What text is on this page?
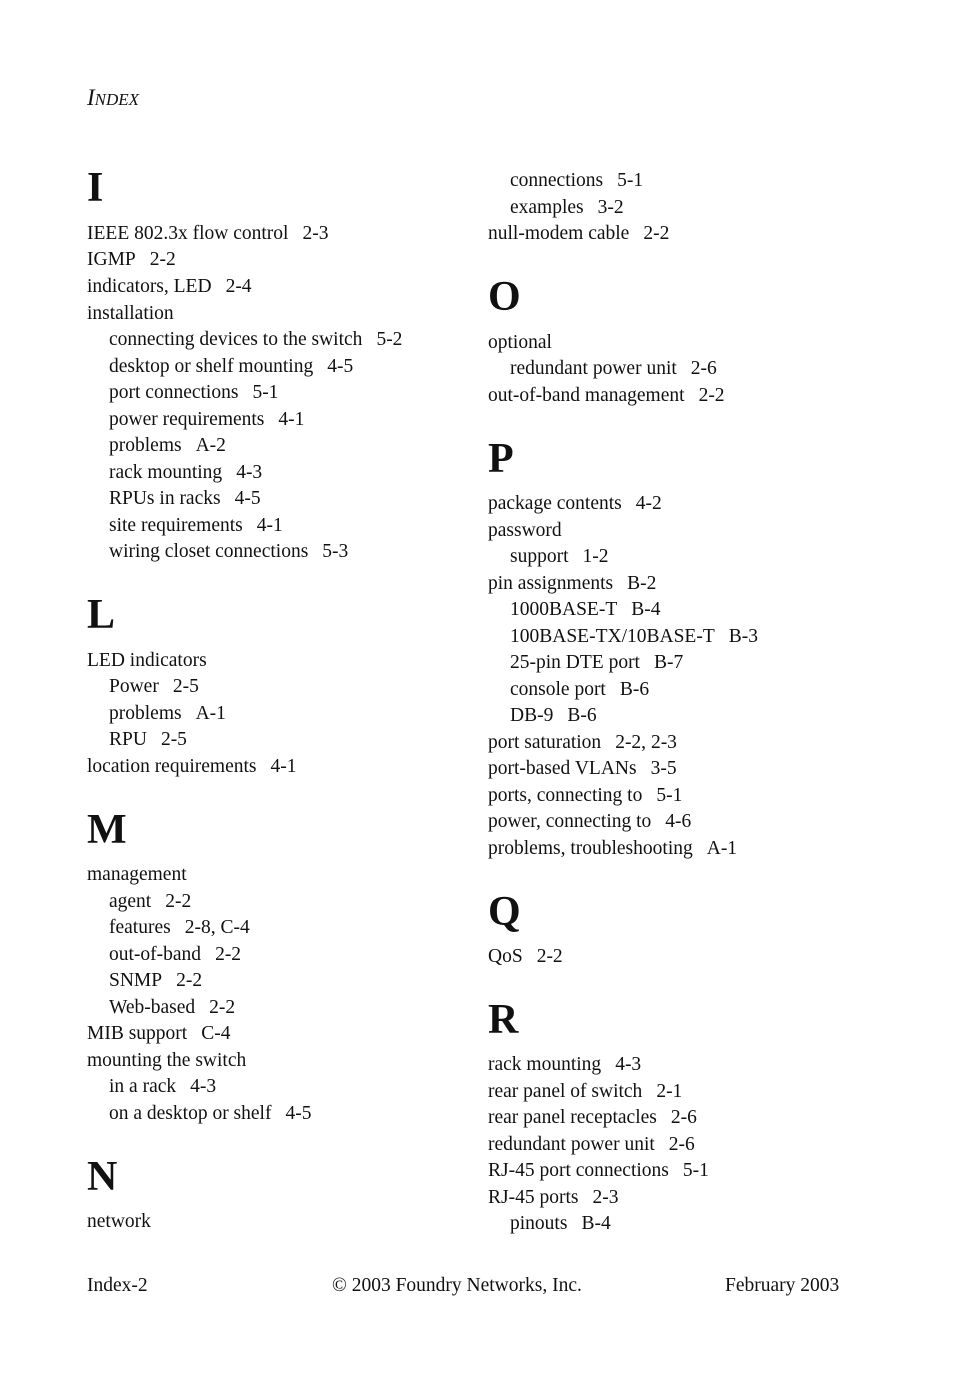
INDEX
I
IEEE 802.3x flow control 2-3
IGMP 2-2
indicators, LED 2-4
installation
connecting devices to the switch 5-2
desktop or shelf mounting 4-5
port connections 5-1
power requirements 4-1
problems A-2
rack mounting 4-3
RPUs in racks 4-5
site requirements 4-1
wiring closet connections 5-3
L
LED indicators
Power 2-5
problems A-1
RPU 2-5
location requirements 4-1
M
management
agent 2-2
features 2-8, C-4
out-of-band 2-2
SNMP 2-2
Web-based 2-2
MIB support C-4
mounting the switch
in a rack 4-3
on a desktop or shelf 4-5
N
network
connections 5-1
examples 3-2
null-modem cable 2-2
O
optional
redundant power unit 2-6
out-of-band management 2-2
P
package contents 4-2
password
support 1-2
pin assignments B-2
1000BASE-T B-4
100BASE-TX/10BASE-T B-3
25-pin DTE port B-7
console port B-6
DB-9 B-6
port saturation 2-2, 2-3
port-based VLANs 3-5
ports, connecting to 5-1
power, connecting to 4-6
problems, troubleshooting A-1
Q
QoS 2-2
R
rack mounting 4-3
rear panel of switch 2-1
rear panel receptacles 2-6
redundant power unit 2-6
RJ-45 port connections 5-1
RJ-45 ports 2-3
pinouts B-4
Index-2	© 2003 Foundry Networks, Inc.	February 2003
